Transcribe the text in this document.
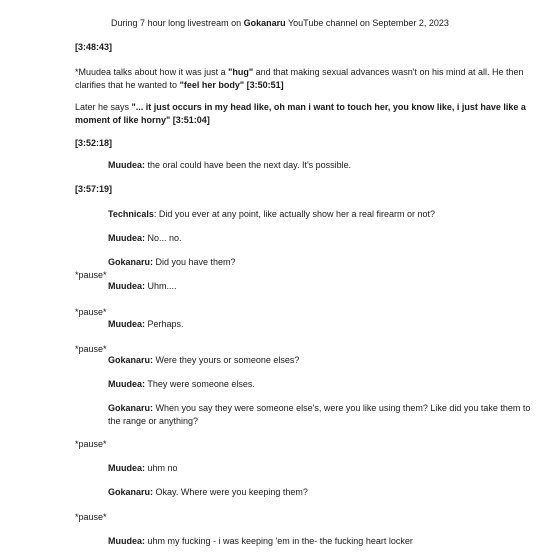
During 7 hour long livestream on Gokanaru YouTube channel on September 2, 2023
[3:48:43]
*Muudea talks about how it was just a "hug" and that making sexual advances wasn't on his mind at all. He then clarifies that he wanted to "feel her body" [3:50:51]
Later he says "... it just occurs in my head like, oh man i want to touch her, you know like, i just have like a moment of like horny" [3:51:04]
[3:52:18]
Muudea: the oral could have been the next day. It's possible.
[3:57:19]
Technicals: Did you ever at any point, like actually show her a real firearm or not?
Muudea: No... no.
Gokanaru: Did you have them?
*pause*
Muudea: Uhm....
*pause*
Muudea: Perhaps.
*pause*
Gokanaru: Were they yours or someone elses?
Muudea: They were someone elses.
Gokanaru: When you say they were someone else's, were you like using them? Like did you take them to the range or anything?
*pause*
Muudea: uhm no
Gokanaru: Okay. Where were you keeping them?
*pause*
Muudea: uhm my fucking - i was keeping 'em in the- the fucking heart locker
